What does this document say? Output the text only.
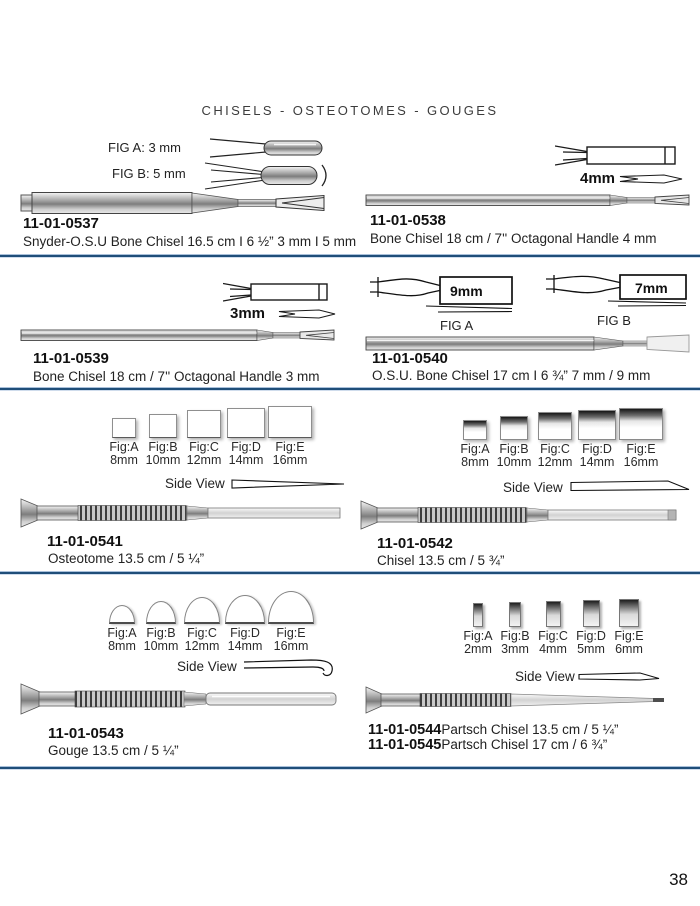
CHISELS - OSTEOTOMES - GOUGES
FIG A: 3 mm
FIG B: 5 mm
11-01-0537
Snyder-O.S.U Bone Chisel 16.5 cm I 6 ½” 3 mm I 5 mm
4mm
11-01-0538
Bone Chisel 18 cm / 7'' Octagonal Handle 4 mm
3mm
11-01-0539
Bone Chisel 18 cm / 7'' Octagonal Handle 3 mm
9mm	7mm
FIG A	FIG B
11-01-0540
O.S.U. Bone Chisel 17 cm I 6 ¾” 7 mm / 9 mm
Fig:A
8mm
Fig:B
10mm
Fig:C
12mm
Fig:D
14mm
Fig:E
16mm
Side View
11-01-0541
Osteotome 13.5 cm / 5 ¼”
Fig:A
8mm
Fig:B
10mm
Fig:C
12mm
Fig:D
14mm
Fig:E
16mm
Side View
11-01-0542
Chisel 13.5 cm / 5 ¾”
Fig:A
8mm
Fig:B
10mm
Fig:C
12mm
Fig:D
14mm
Fig:E
16mm
Side View
11-01-0543
Gouge 13.5 cm / 5 ¼”
Fig:A
2mm
Fig:B
3mm
Fig:C
4mm
Fig:D
5mm
Fig:E
6mm
Side View
11-01-0544Partsch Chisel 13.5 cm / 5 ¼”
11-01-0545Partsch Chisel 17 cm / 6 ¾”
38
